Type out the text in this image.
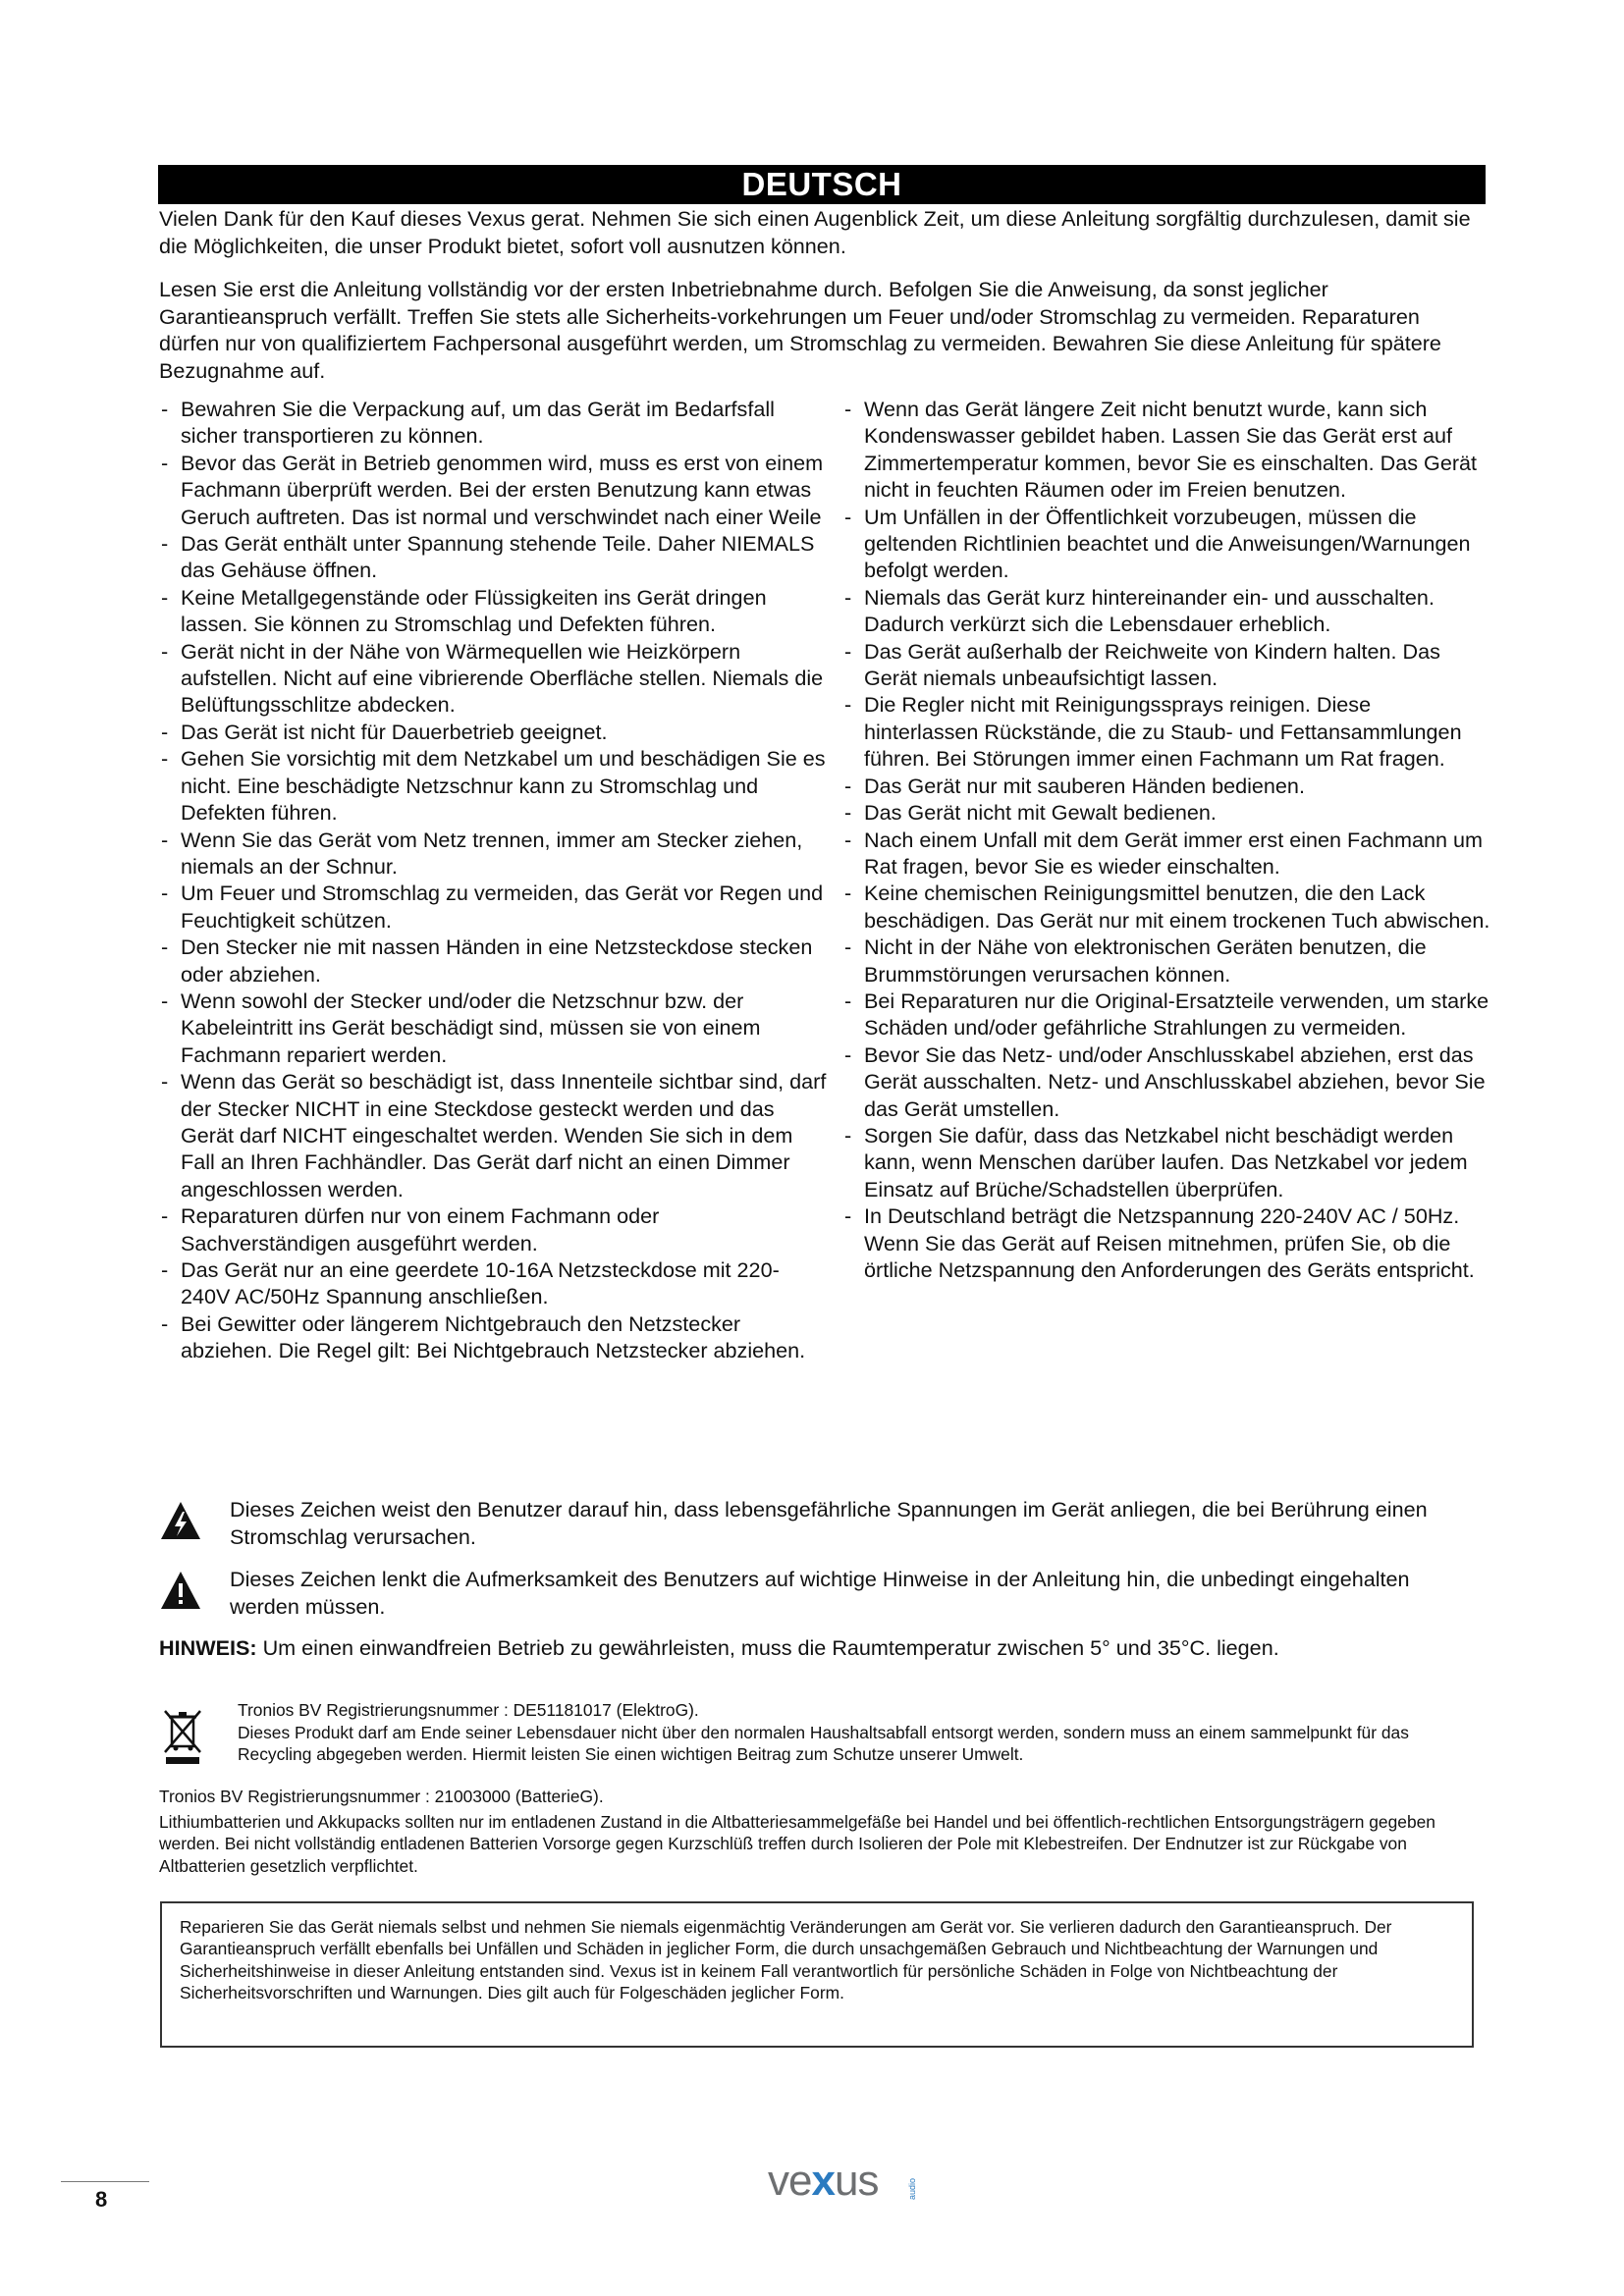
DEUTSCH
Vielen Dank für den Kauf dieses Vexus gerat. Nehmen Sie sich einen Augenblick Zeit, um diese Anleitung sorgfältig durchzulesen, damit sie die Möglichkeiten, die unser Produkt bietet, sofort voll ausnutzen können.
Lesen Sie erst die Anleitung vollständig vor der ersten Inbetriebnahme durch. Befolgen Sie die Anweisung, da sonst jeglicher Garantieanspruch verfällt. Treffen Sie stets alle Sicherheits-vorkehrungen um Feuer und/oder Stromschlag zu vermeiden. Reparaturen dürfen nur von qualifiziertem Fachpersonal ausgeführt werden, um Stromschlag zu vermeiden. Bewahren Sie diese Anleitung für spätere Bezugnahme auf.
- Bewahren Sie die Verpackung auf, um das Gerät im Bedarfsfall sicher transportieren zu können.
- Bevor das Gerät in Betrieb genommen wird, muss es erst von einem Fachmann überprüft werden. Bei der ersten Benutzung kann etwas Geruch auftreten. Das ist normal und verschwindet nach einer Weile
- Das Gerät enthält unter Spannung stehende Teile. Daher NIEMALS das Gehäuse öffnen.
- Keine Metallgegenstände oder Flüssigkeiten ins Gerät dringen lassen. Sie können zu Stromschlag und Defekten führen.
- Gerät nicht in der Nähe von Wärmequellen wie Heizkörpern aufstellen. Nicht auf eine vibrierende Oberfläche stellen. Niemals die Belüftungsschlitze abdecken.
- Das Gerät ist nicht für Dauerbetrieb geeignet.
- Gehen Sie vorsichtig mit dem Netzkabel um und beschädigen Sie es nicht. Eine beschädigte Netzschnur kann zu Stromschlag und Defekten führen.
- Wenn Sie das Gerät vom Netz trennen, immer am Stecker ziehen, niemals an der Schnur.
- Um Feuer und Stromschlag zu vermeiden, das Gerät vor Regen und Feuchtigkeit schützen.
- Den Stecker nie mit nassen Händen in eine Netzsteckdose stecken oder abziehen.
- Wenn sowohl der Stecker und/oder die Netzschnur bzw. der Kabeleintritt ins Gerät beschädigt sind, müssen sie von einem Fachmann repariert werden.
- Wenn das Gerät so beschädigt ist, dass Innenteile sichtbar sind, darf der Stecker NICHT in eine Steckdose gesteckt werden und das Gerät darf NICHT eingeschaltet werden. Wenden Sie sich in dem Fall an Ihren Fachhändler. Das Gerät darf nicht an einen Dimmer angeschlossen werden.
- Reparaturen dürfen nur von einem Fachmann oder Sachverständigen ausgeführt werden.
- Das Gerät nur an eine geerdete 10-16A Netzsteckdose mit 220-240V AC/50Hz Spannung anschließen.
- Bei Gewitter oder längerem Nichtgebrauch den Netzstecker abziehen. Die Regel gilt: Bei Nichtgebrauch Netzstecker abziehen.
- Wenn das Gerät längere Zeit nicht benutzt wurde, kann sich Kondenswasser gebildet haben. Lassen Sie das Gerät erst auf Zimmertemperatur kommen, bevor Sie es einschalten. Das Gerät nicht in feuchten Räumen oder im Freien benutzen.
- Um Unfällen in der Öffentlichkeit vorzubeugen, müssen die geltenden Richtlinien beachtet und die Anweisungen/Warnungen befolgt werden.
- Niemals das Gerät kurz hintereinander ein- und ausschalten. Dadurch verkürzt sich die Lebensdauer erheblich.
- Das Gerät außerhalb der Reichweite von Kindern halten. Das Gerät niemals unbeaufsichtigt lassen.
- Die Regler nicht mit Reinigungssprays reinigen. Diese hinterlassen Rückstände, die zu Staub- und Fettansammlungen führen. Bei Störungen immer einen Fachmann um Rat fragen.
- Das Gerät nur mit sauberen Händen bedienen.
- Das Gerät nicht mit Gewalt bedienen.
- Nach einem Unfall mit dem Gerät immer erst einen Fachmann um Rat fragen, bevor Sie es wieder einschalten.
- Keine chemischen Reinigungsmittel benutzen, die den Lack beschädigen. Das Gerät nur mit einem trockenen Tuch abwischen.
- Nicht in der Nähe von elektronischen Geräten benutzen, die Brummstörungen verursachen können.
- Bei Reparaturen nur die Original-Ersatzteile verwenden, um starke Schäden und/oder gefährliche Strahlungen zu vermeiden.
- Bevor Sie das Netz- und/oder Anschlusskabel abziehen, erst das Gerät ausschalten. Netz- und Anschlusskabel abziehen, bevor Sie das Gerät umstellen.
- Sorgen Sie dafür, dass das Netzkabel nicht beschädigt werden kann, wenn Menschen darüber laufen. Das Netzkabel vor jedem Einsatz auf Brüche/Schadstellen überprüfen.
- In Deutschland beträgt die Netzspannung 220-240V AC / 50Hz. Wenn Sie das Gerät auf Reisen mitnehmen, prüfen Sie, ob die örtliche Netzspannung den Anforderungen des Geräts entspricht.
Dieses Zeichen weist den Benutzer darauf hin, dass lebensgefährliche Spannungen im Gerät anliegen, die bei Berührung einen Stromschlag verursachen.
Dieses Zeichen lenkt die Aufmerksamkeit des Benutzers auf wichtige Hinweise in der Anleitung hin, die unbedingt eingehalten werden müssen.
HINWEIS: Um einen einwandfreien Betrieb zu gewährleisten, muss die Raumtemperatur zwischen 5° und 35°C. liegen.
Tronios BV Registrierungsnummer : DE51181017 (ElektroG).
Dieses Produkt darf am Ende seiner Lebensdauer nicht über den normalen Haushaltsabfall entsorgt werden, sondern muss an einem sammelpunkt für das Recycling abgegeben werden. Hiermit leisten Sie einen wichtigen Beitrag zum Schutze unserer Umwelt.
Tronios BV Registrierungsnummer : 21003000 (BatterieG).
Lithiumbatterien und Akkupacks sollten nur im entladenen Zustand in die Altbatteriesammelgefäße bei Handel und bei öffentlich-rechtlichen Entsorgungsträgern gegeben werden. Bei nicht vollständig entladenen Batterien Vorsorge gegen Kurzschlüß treffen durch Isolieren der Pole mit Klebestreifen. Der Endnutzer ist zur Rückgabe von Altbatterien gesetzlich verpflichtet.
Reparieren Sie das Gerät niemals selbst und nehmen Sie niemals eigenmächtig Veränderungen am Gerät vor. Sie verlieren dadurch den Garantieanspruch. Der Garantieanspruch verfällt ebenfalls bei Unfällen und Schäden in jeglicher Form, die durch unsachgemäßen Gebrauch und Nichtbeachtung der Warnungen und Sicherheitshinweise in dieser Anleitung entstanden sind. Vexus ist in keinem Fall verantwortlich für persönliche Schäden in Folge von Nichtbeachtung der Sicherheitsvorschriften und Warnungen. Dies gilt auch für Folgeschäden jeglicher Form.
8	vexus	audio
